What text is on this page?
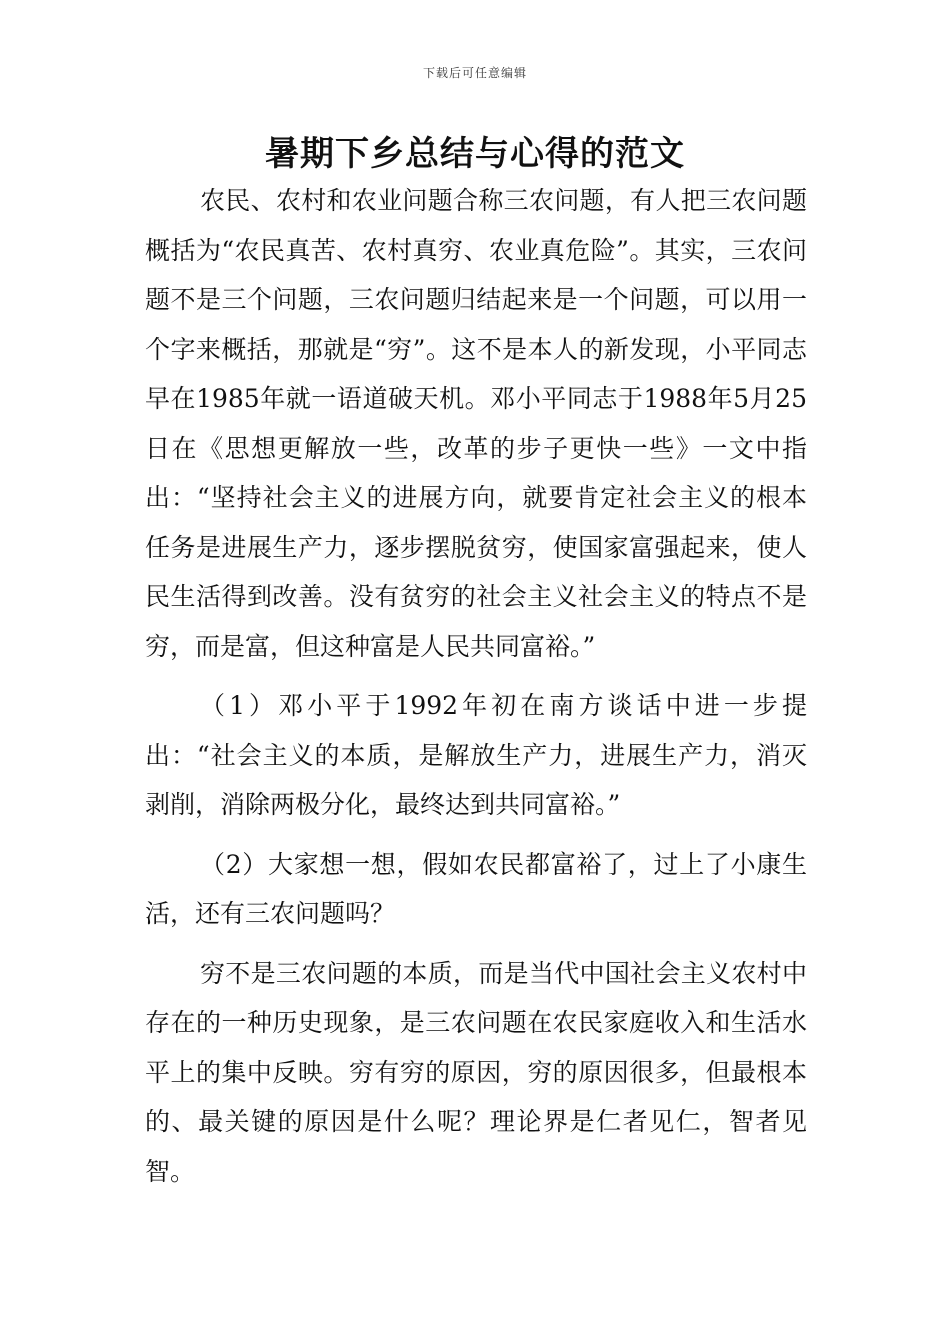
下载后可任意编辑
暑期下乡总结与心得的范文

农民、农村和农业问题合称三农问题，有人把三农问题概括为“农民真苦、农村真穷、农业真危险”。其实，三农问题不是三个问题，三农问题归结起来是一个问题，可以用一个字来概括，那就是“穷”。这不是本人的新发现，小平同志早在1985年就一语道破天机。邓小平同志于1988年5月25日在《思想更解放一些，改革的步子更快一些》一文中指出：“坚持社会主义的进展方向，就要肯定社会主义的根本任务是进展生产力，逐步摆脱贫穷，使国家富强起来，使人民生活得到改善。没有贫穷的社会主义社会主义的特点不是穷，而是富，但这种富是人民共同富裕。”

（1）邓小平于1992年初在南方谈话中进一步提出：“社会主义的本质，是解放生产力，进展生产力，消灭剥削，消除两极分化，最终达到共同富裕。”

（2）大家想一想，假如农民都富裕了，过上了小康生活，还有三农问题吗？

穷不是三农问题的本质，而是当代中国社会主义农村中存在的一种历史现象，是三农问题在农民家庭收入和生活水平上的集中反映。穷有穷的原因，穷的原因很多，但最根本的、最关键的原因是什么呢？理论界是仁者见仁，智者见智。
